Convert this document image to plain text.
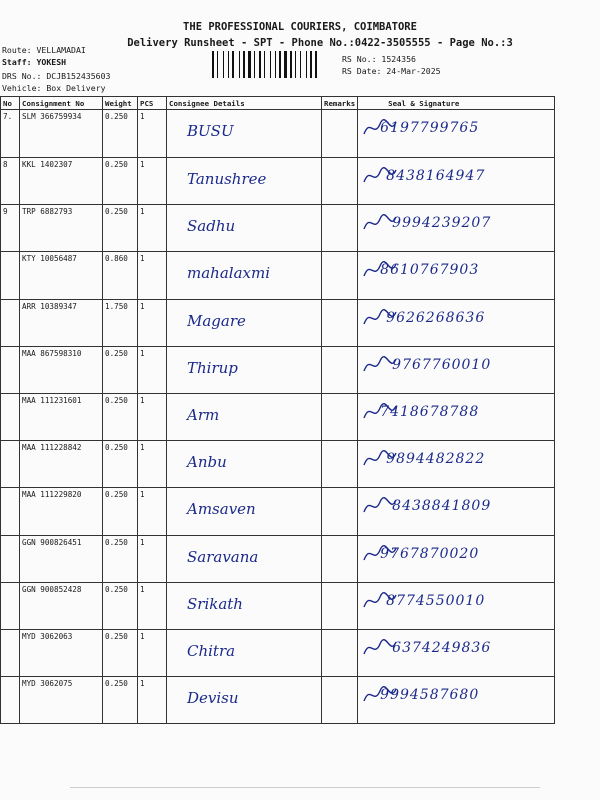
THE PROFESSIONAL COURIERS, COIMBATORE
Delivery Runsheet - SPT - Phone No.:0422-3505555 - Page No.:3
Route: VELLAMADAI
Staff: YOKESH
DRS No.: DCJB152435603
Vehicle: Box Delivery
RS No.: 1524356
RS Date: 24-Mar-2025
No	Consignment No	Weight	PCS	Consignee Details	Remarks	Seal & Signature
7.	SLM 366759934	0.250	1	BUSU		6197799765

8	KKL 1402307	0.250	1	Tanushree		8438164947

9	TRP 6882793	0.250	1	Sadhu		9994239207

	KTY 10056487	0.860	1	mahalaxmi		8610767903

	ARR 10389347	1.750	1	Magare		9626268636

	MAA 867598310	0.250	1	Thirup		9767760010

	MAA 111231601	0.250	1	Arm		7418678788

	MAA 111228842	0.250	1	Anbu		9894482822

	MAA 111229820	0.250	1	Amsaven		8438841809

	GGN 900826451	0.250	1	Saravana		9767870020

	GGN 900852428	0.250	1	Srikath		8774550010

	MYD 3062063	0.250	1	Chitra		6374249836

	MYD 3062075	0.250	1	Devisu		9994587680
